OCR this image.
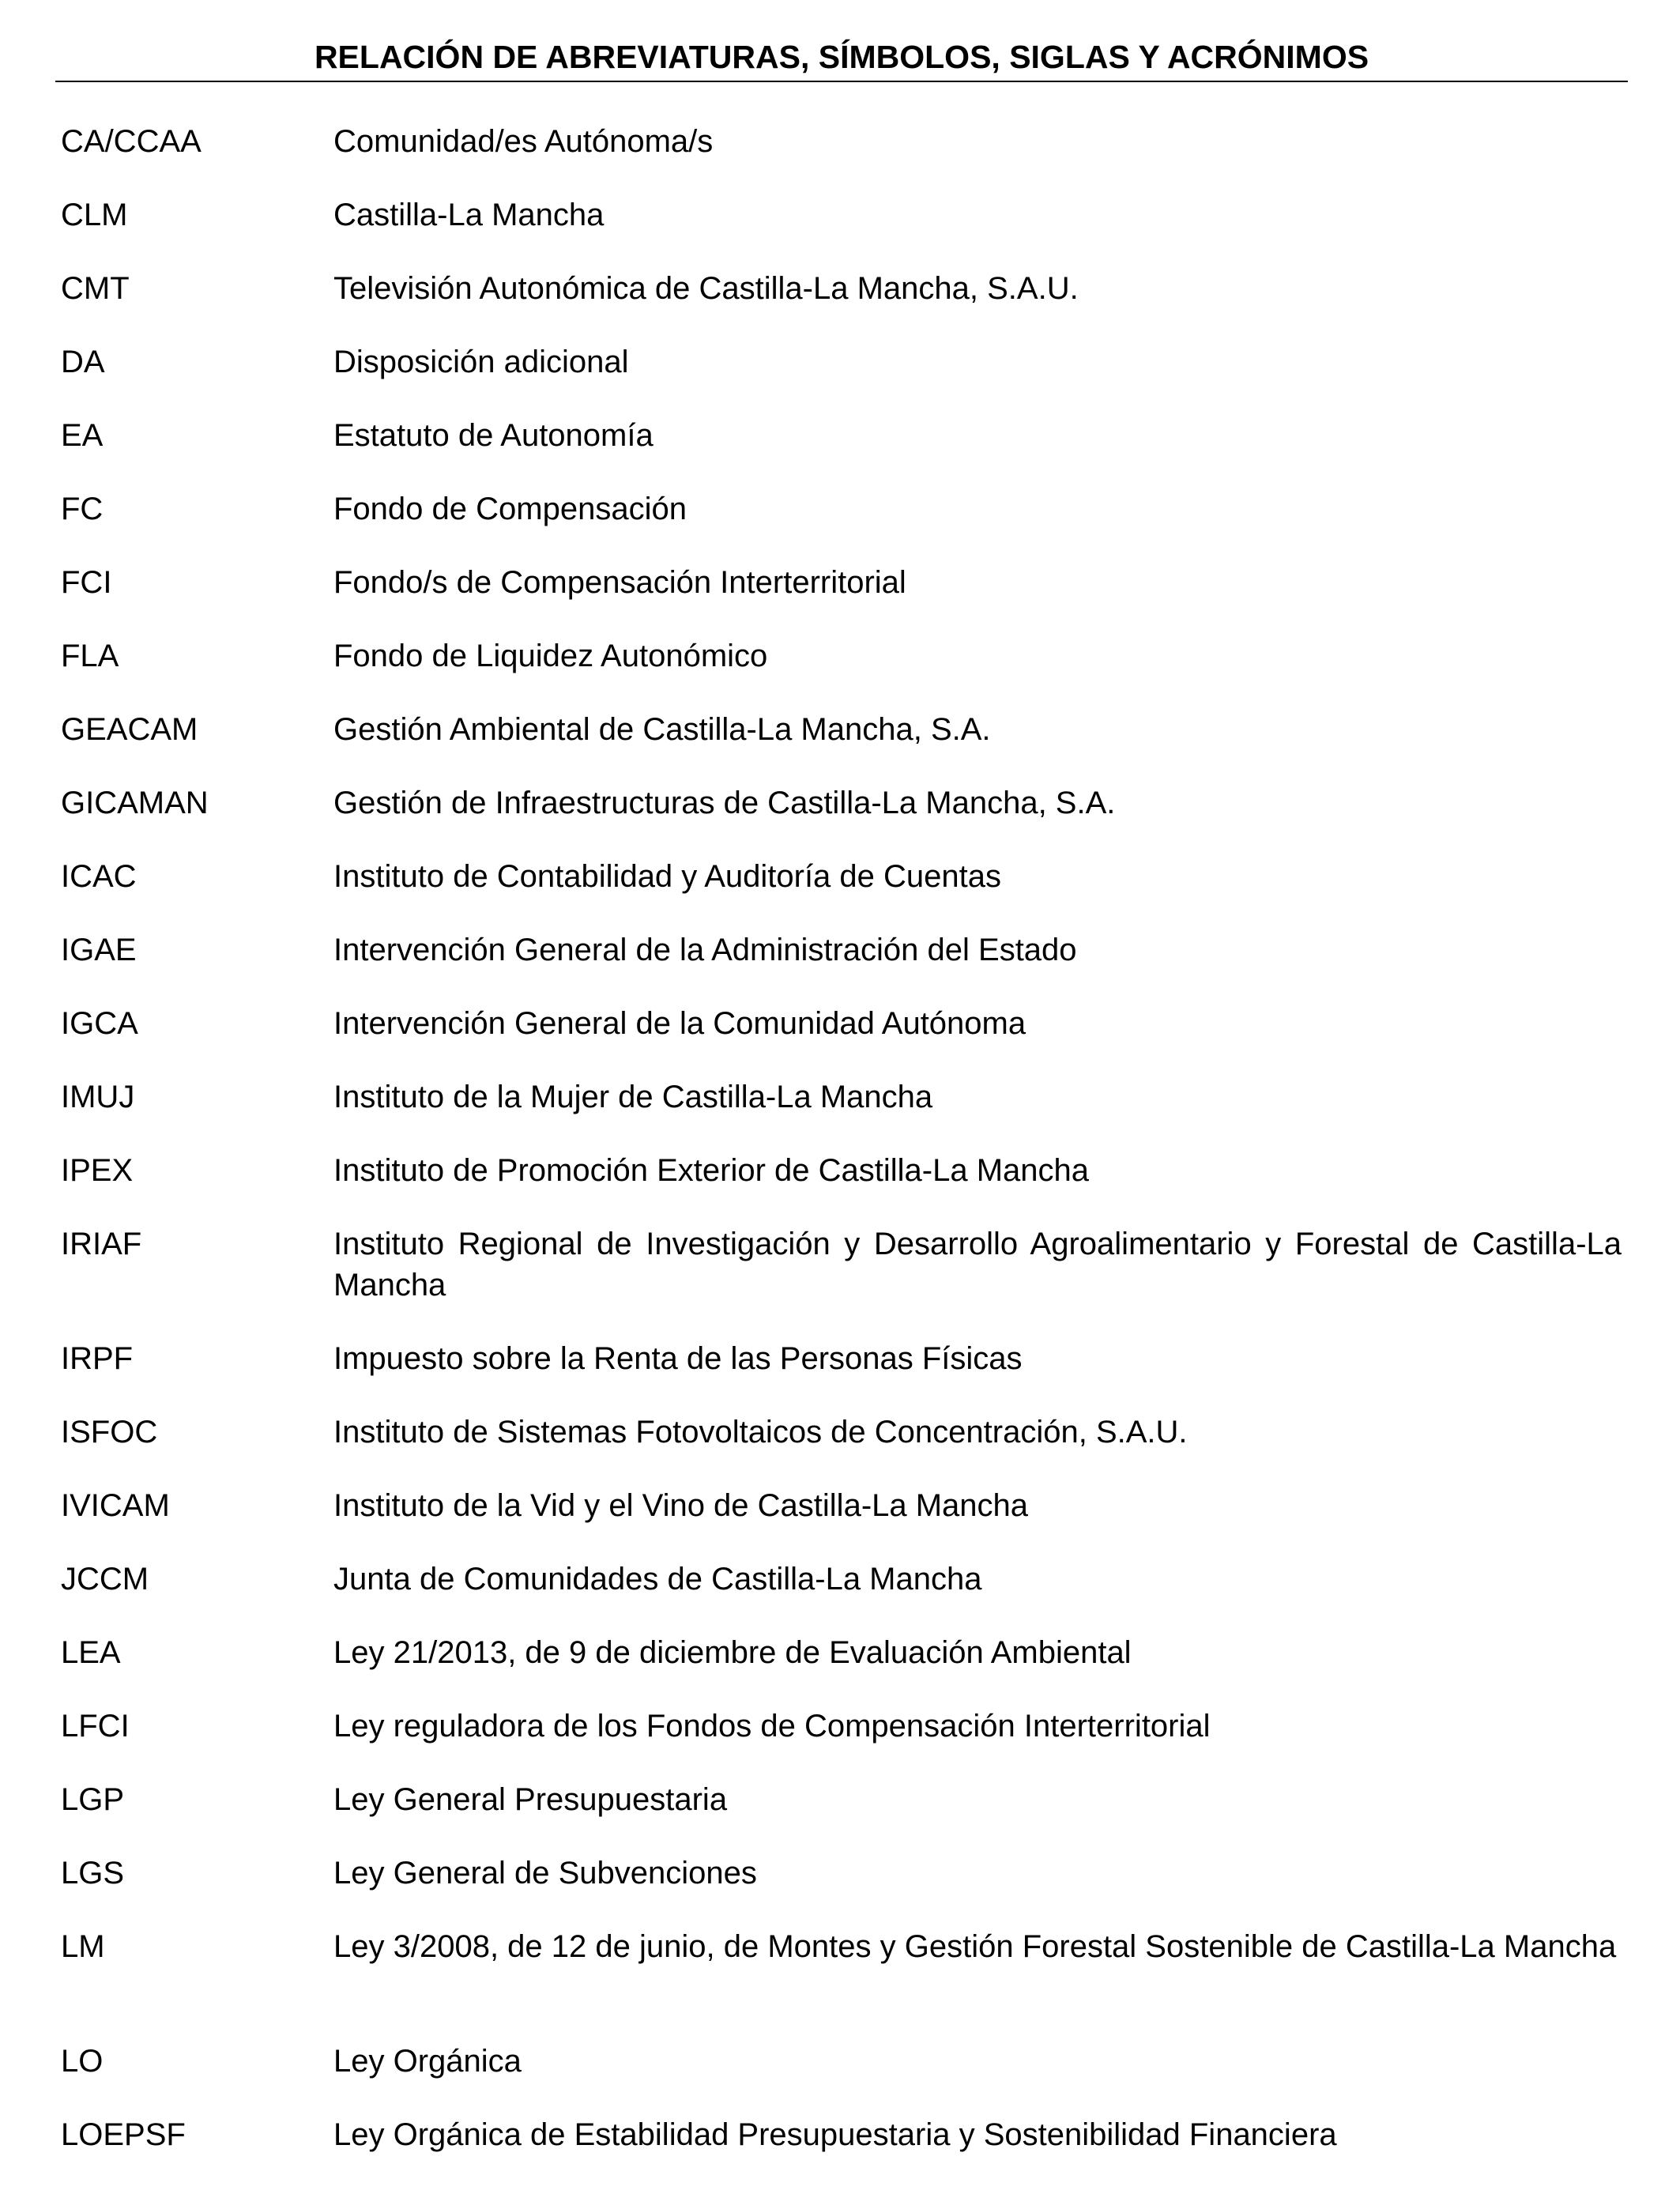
RELACIÓN DE ABREVIATURAS, SÍMBOLOS, SIGLAS Y ACRÓNIMOS
CA/CCAA	Comunidad/es Autónoma/s
CLM	Castilla-La Mancha
CMT	Televisión Autonómica de Castilla-La Mancha, S.A.U.
DA	Disposición adicional
EA	Estatuto de Autonomía
FC	Fondo de Compensación
FCI	Fondo/s de Compensación Interterritorial
FLA	Fondo de Liquidez Autonómico
GEACAM	Gestión Ambiental de Castilla-La Mancha, S.A.
GICAMAN	Gestión de Infraestructuras de Castilla-La Mancha, S.A.
ICAC	Instituto de Contabilidad y Auditoría de Cuentas
IGAE	Intervención General de la Administración del Estado
IGCA	Intervención General de la Comunidad Autónoma
IMUJ	Instituto de la Mujer de Castilla-La Mancha
IPEX	Instituto de Promoción Exterior de Castilla-La Mancha
IRIAF	Instituto Regional de Investigación y Desarrollo Agroalimentario y Forestal de Castilla-La Mancha
IRPF	Impuesto sobre la Renta de las Personas Físicas
ISFOC	Instituto de Sistemas Fotovoltaicos de Concentración, S.A.U.
IVICAM	Instituto de la Vid y el Vino de Castilla-La Mancha
JCCM	Junta de Comunidades de Castilla-La Mancha
LEA	Ley 21/2013, de 9 de diciembre de Evaluación Ambiental
LFCI	Ley reguladora de los Fondos de Compensación Interterritorial
LGP	Ley General Presupuestaria
LGS	Ley General de Subvenciones
LM	Ley 3/2008, de 12 de junio, de Montes y Gestión Forestal Sostenible de Castilla-La Mancha
LO	Ley Orgánica
LOEPSF	Ley Orgánica de Estabilidad Presupuestaria y Sostenibilidad Financiera
